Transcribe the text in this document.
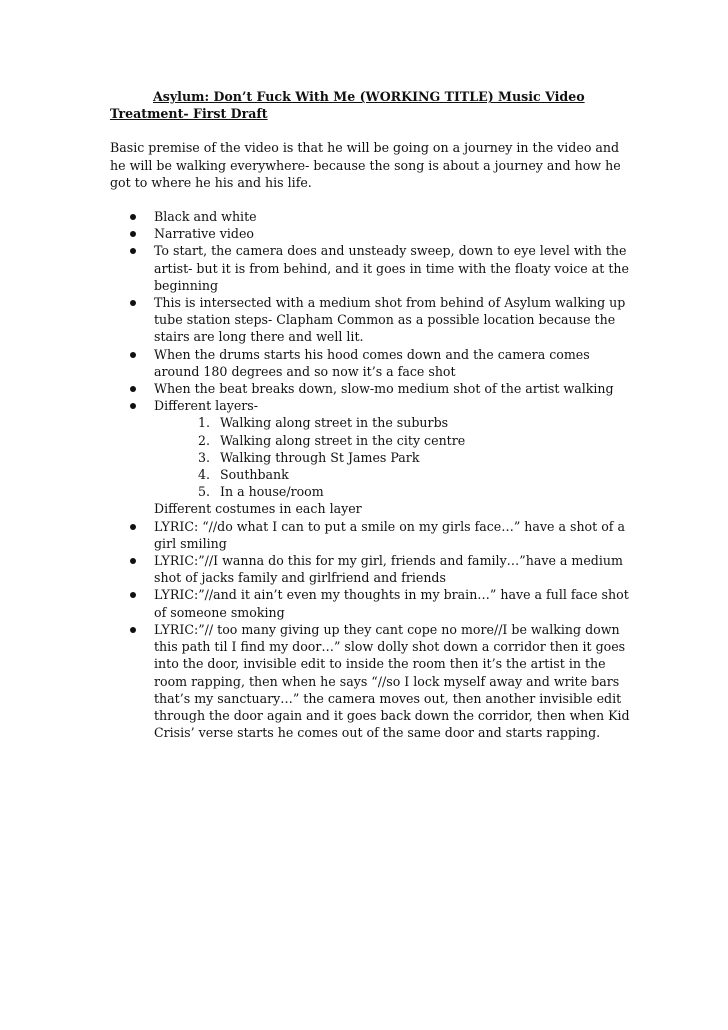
Asylum: Don’t Fuck With Me (WORKING TITLE) Music Video
Treatment- First Draft

Basic premise of the video is that he will be going on a journey in the video and he will be walking everywhere- because the song is about a journey and how he got to where he his and his life.

Black and white
Narrative video
To start, the camera does and unsteady sweep, down to eye level with the artist- but it is from behind, and it goes in time with the floaty voice at the beginning
This is intersected with a medium shot from behind of Asylum walking up tube station steps- Clapham Common as a possible location because the stairs are long there and well lit.
When the drums starts his hood comes down and the camera comes around 180 degrees and so now it’s a face shot
When the beat breaks down, slow-mo medium shot of the artist walking
Different layers-
1. Walking along street in the suburbs
2. Walking along street in the city centre
3. Walking through St James Park
4. Southbank
5. In a house/room
Different costumes in each layer
LYRIC: “//do what I can to put a smile on my girls face…” have a shot of a girl smiling
LYRIC:”//I wanna do this for my girl, friends and family…”have a medium shot of jacks family and girlfriend and friends
LYRIC:”//and it ain’t even my thoughts in my brain…” have a full face shot of someone smoking
LYRIC:”// too many giving up they cant cope no more//I be walking down this path til I find my door…” slow dolly shot down a corridor then it goes into the door, invisible edit to inside the room then it’s the artist in the room rapping, then when he says “//so I lock myself away and write bars that’s my sanctuary…” the camera moves out, then another invisible edit through the door again and it goes back down the corridor, then when Kid Crisis’ verse starts he comes out of the same door and starts rapping.
